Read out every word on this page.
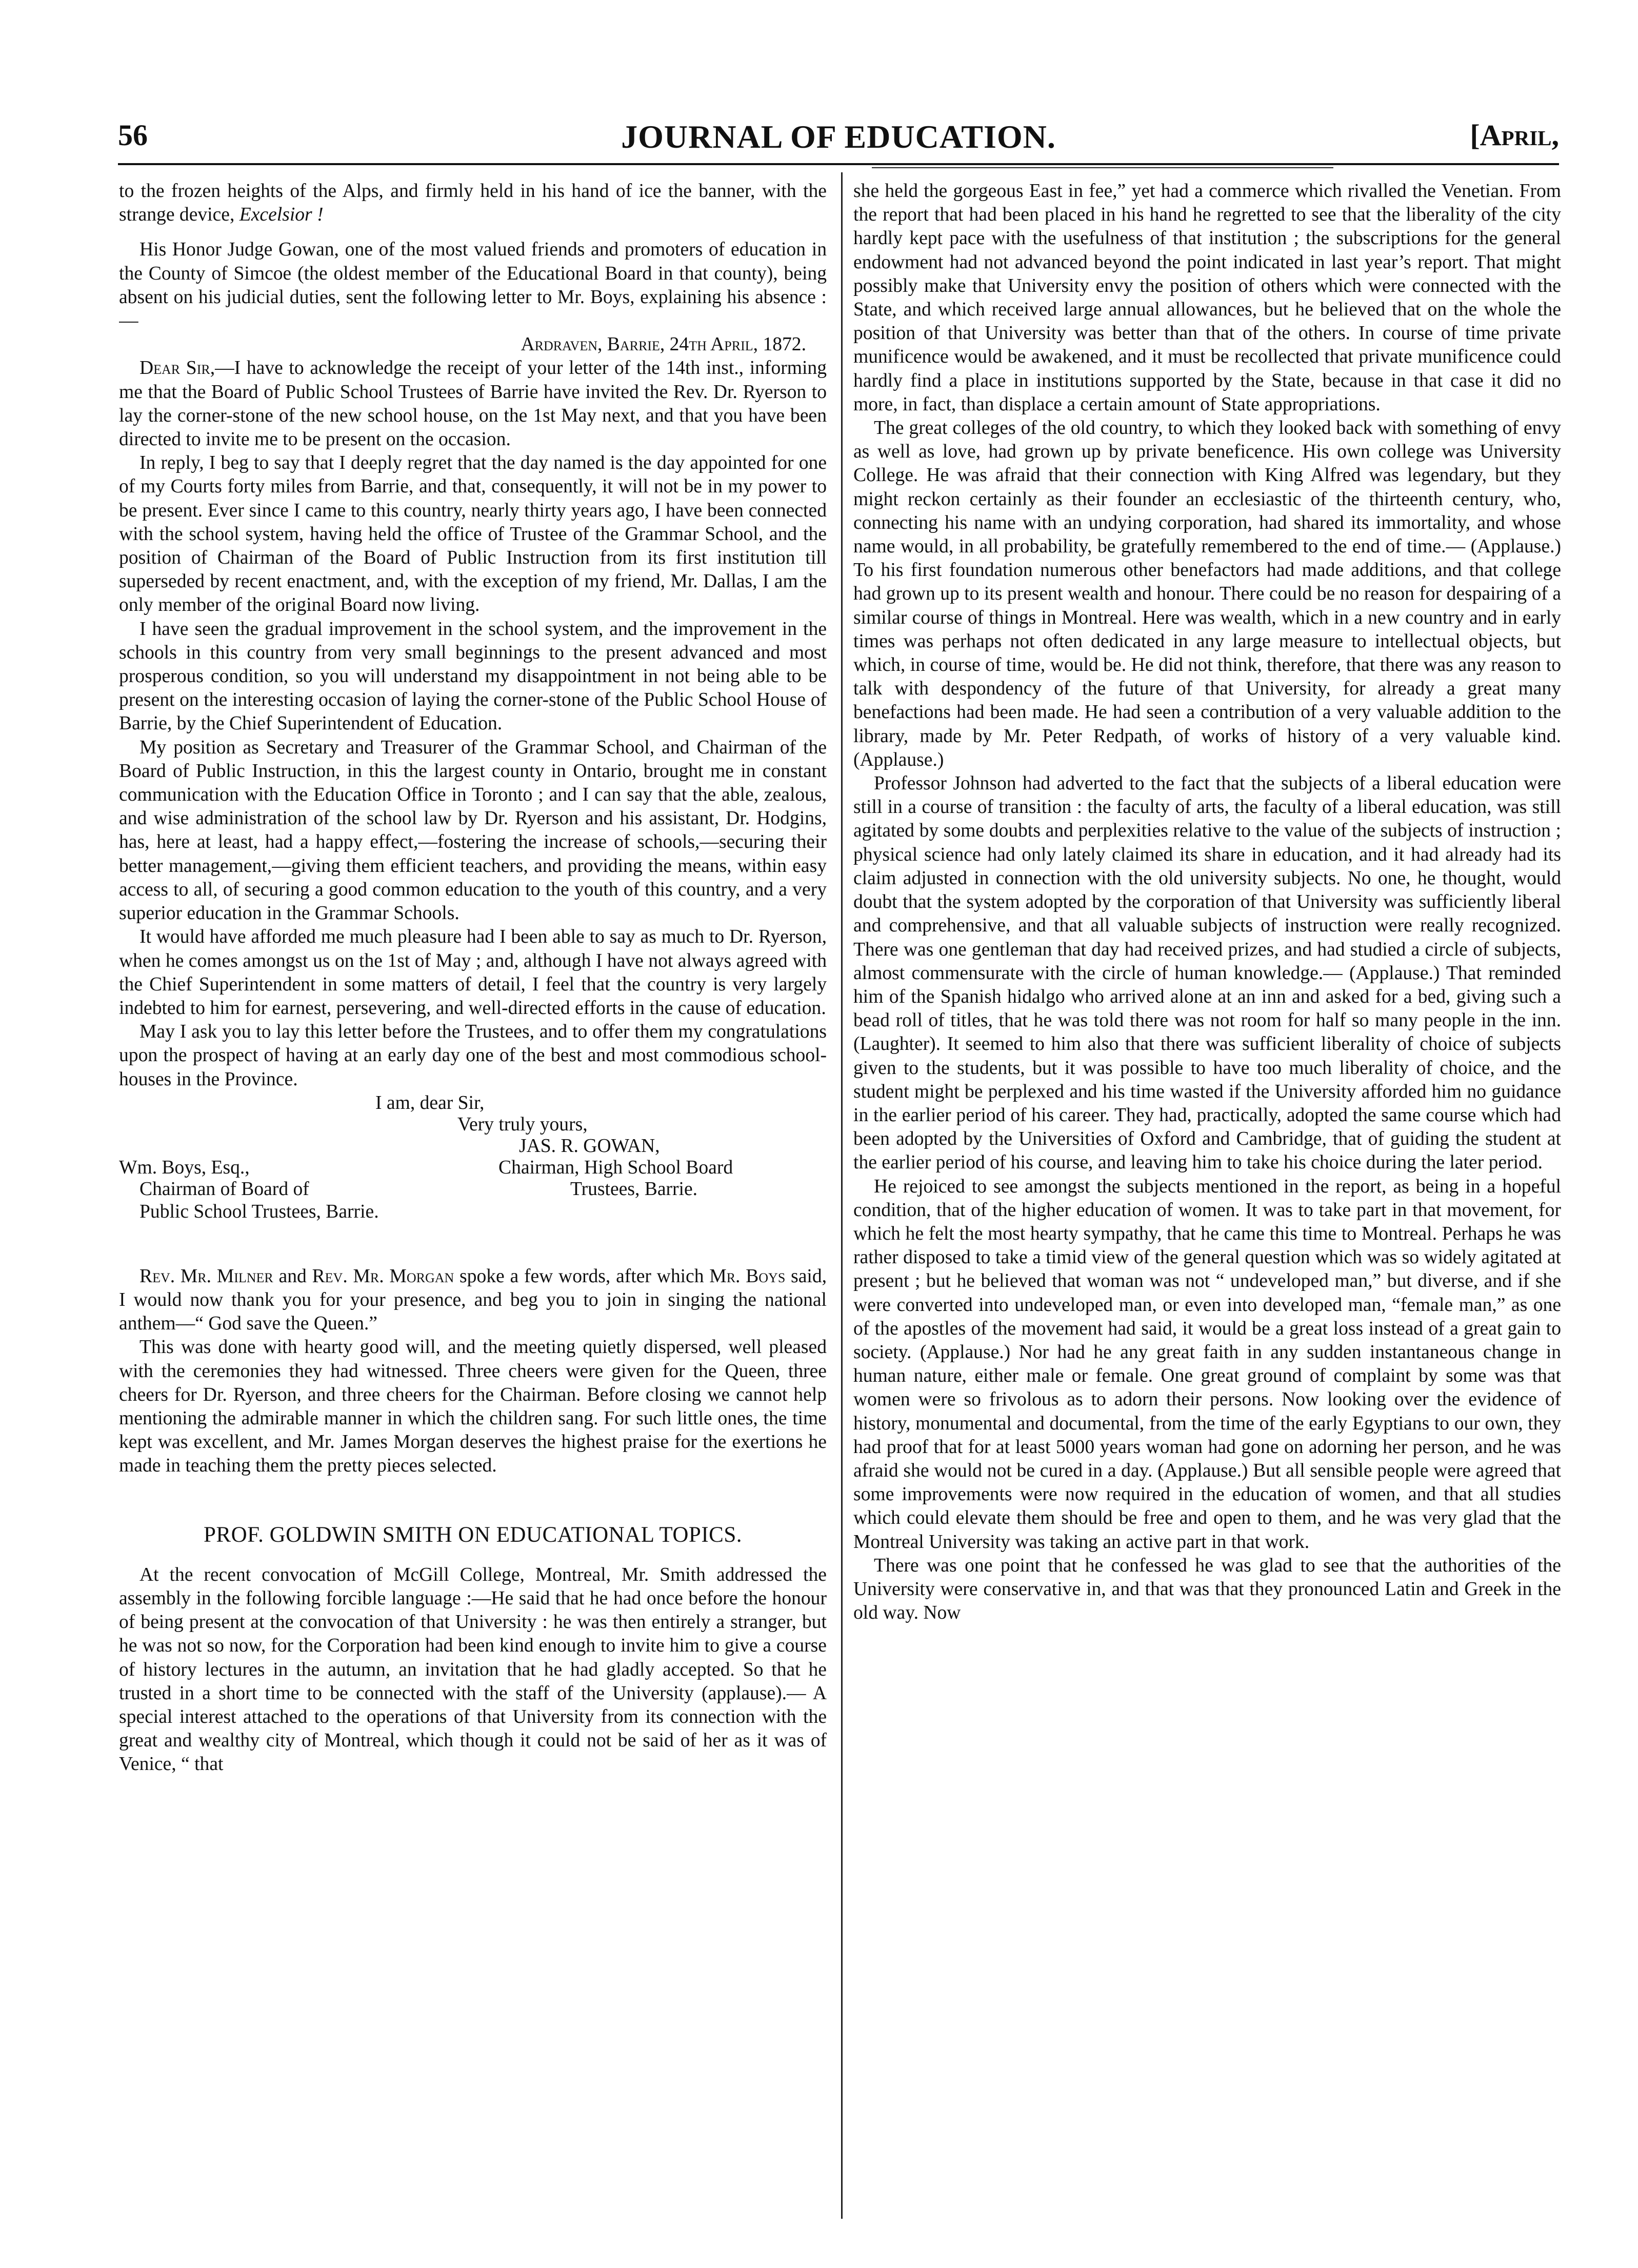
56	JOURNAL OF EDUCATION.	[April,

to the frozen heights of the Alps, and firmly held in his hand of ice the banner, with the strange device, Excelsior !

His Honor Judge Gowan, one of the most valued friends and promoters of education in the County of Simcoe (the oldest member of the Educational Board in that county), being absent on his judicial duties, sent the following letter to Mr. Boys, explaining his absence :—

Ardraven, Barrie, 24th April, 1872.

Dear Sir,—I have to acknowledge the receipt of your letter of the 14th inst., informing me that the Board of Public School Trustees of Barrie have invited the Rev. Dr. Ryerson to lay the corner-stone of the new school house, on the 1st May next, and that you have been directed to invite me to be present on the occasion.

In reply, I beg to say that I deeply regret that the day named is the day appointed for one of my Courts forty miles from Barrie, and that, consequently, it will not be in my power to be present. Ever since I came to this country, nearly thirty years ago, I have been connected with the school system, having held the office of Trustee of the Grammar School, and the position of Chairman of the Board of Public Instruction from its first institution till superseded by recent enactment, and, with the exception of my friend, Mr. Dallas, I am the only member of the original Board now living.

I have seen the gradual improvement in the school system, and the improvement in the schools in this country from very small beginnings to the present advanced and most prosperous condition, so you will understand my disappointment in not being able to be present on the interesting occasion of laying the corner-stone of the Public School House of Barrie, by the Chief Superintendent of Education.

My position as Secretary and Treasurer of the Grammar School, and Chairman of the Board of Public Instruction, in this the largest county in Ontario, brought me in constant communication with the Education Office in Toronto ; and I can say that the able, zealous, and wise administration of the school law by Dr. Ryerson and his assistant, Dr. Hodgins, has, here at least, had a happy effect,—fostering the increase of schools,—securing their better management,—giving them efficient teachers, and providing the means, within easy access to all, of securing a good common education to the youth of this country, and a very superior education in the Grammar Schools.

It would have afforded me much pleasure had I been able to say as much to Dr. Ryerson, when he comes amongst us on the 1st of May ; and, although I have not always agreed with the Chief Superintendent in some matters of detail, I feel that the country is very largely indebted to him for earnest, persevering, and well-directed efforts in the cause of education.

May I ask you to lay this letter before the Trustees, and to offer them my congratulations upon the prospect of having at an early day one of the best and most commodious school-houses in the Province.

I am, dear Sir,
Very truly yours,
JAS. R. GOWAN,
Wm. Boys, Esq.,	Chairman, High School Board
Chairman of Board of	Trustees, Barrie.
Public School Trustees, Barrie.

Rev. Mr. Milner and Rev. Mr. Morgan spoke a few words, after which Mr. Boys said, I would now thank you for your presence, and beg you to join in singing the national anthem—“ God save the Queen.”

This was done with hearty good will, and the meeting quietly dispersed, well pleased with the ceremonies they had witnessed. Three cheers were given for the Queen, three cheers for Dr. Ryerson, and three cheers for the Chairman. Before closing we cannot help mentioning the admirable manner in which the children sang. For such little ones, the time kept was excellent, and Mr. James Morgan deserves the highest praise for the exertions he made in teaching them the pretty pieces selected.

PROF. GOLDWIN SMITH ON EDUCATIONAL TOPICS.

At the recent convocation of McGill College, Montreal, Mr. Smith addressed the assembly in the following forcible language :—He said that he had once before the honour of being present at the convocation of that University : he was then entirely a stranger, but he was not so now, for the Corporation had been kind enough to invite him to give a course of history lectures in the autumn, an invitation that he had gladly accepted. So that he trusted in a short time to be connected with the staff of the University (applause).— A special interest attached to the operations of that University from its connection with the great and wealthy city of Montreal, which though it could not be said of her as it was of Venice, “ that

she held the gorgeous East in fee,” yet had a commerce which rivalled the Venetian. From the report that had been placed in his hand he regretted to see that the liberality of the city hardly kept pace with the usefulness of that institution ; the subscriptions for the general endowment had not advanced beyond the point indicated in last year’s report. That might possibly make that University envy the position of others which were connected with the State, and which received large annual allowances, but he believed that on the whole the position of that University was better than that of the others. In course of time private munificence would be awakened, and it must be recollected that private munificence could hardly find a place in institutions supported by the State, because in that case it did no more, in fact, than displace a certain amount of State appropriations.

The great colleges of the old country, to which they looked back with something of envy as well as love, had grown up by private beneficence. His own college was University College. He was afraid that their connection with King Alfred was legendary, but they might reckon certainly as their founder an ecclesiastic of the thirteenth century, who, connecting his name with an undying corporation, had shared its immortality, and whose name would, in all probability, be gratefully remembered to the end of time.— (Applause.) To his first foundation numerous other benefactors had made additions, and that college had grown up to its present wealth and honour. There could be no reason for despairing of a similar course of things in Montreal. Here was wealth, which in a new country and in early times was perhaps not often dedicated in any large measure to intellectual objects, but which, in course of time, would be. He did not think, therefore, that there was any reason to talk with despondency of the future of that University, for already a great many benefactions had been made. He had seen a contribution of a very valuable addition to the library, made by Mr. Peter Redpath, of works of history of a very valuable kind. (Applause.)

Professor Johnson had adverted to the fact that the subjects of a liberal education were still in a course of transition : the faculty of arts, the faculty of a liberal education, was still agitated by some doubts and perplexities relative to the value of the subjects of instruction ; physical science had only lately claimed its share in education, and it had already had its claim adjusted in connection with the old university subjects. No one, he thought, would doubt that the system adopted by the corporation of that University was sufficiently liberal and comprehensive, and that all valuable subjects of instruction were really recognized. There was one gentleman that day had received prizes, and had studied a circle of subjects, almost commensurate with the circle of human knowledge.— (Applause.) That reminded him of the Spanish hidalgo who arrived alone at an inn and asked for a bed, giving such a bead roll of titles, that he was told there was not room for half so many people in the inn. (Laughter). It seemed to him also that there was sufficient liberality of choice of subjects given to the students, but it was possible to have too much liberality of choice, and the student might be perplexed and his time wasted if the University afforded him no guidance in the earlier period of his career. They had, practically, adopted the same course which had been adopted by the Universities of Oxford and Cambridge, that of guiding the student at the earlier period of his course, and leaving him to take his choice during the later period.

He rejoiced to see amongst the subjects mentioned in the report, as being in a hopeful condition, that of the higher education of women. It was to take part in that movement, for which he felt the most hearty sympathy, that he came this time to Montreal. Perhaps he was rather disposed to take a timid view of the general question which was so widely agitated at present ; but he believed that woman was not “ undeveloped man,” but diverse, and if she were converted into undeveloped man, or even into developed man, “female man,” as one of the apostles of the movement had said, it would be a great loss instead of a great gain to society. (Applause.) Nor had he any great faith in any sudden instantaneous change in human nature, either male or female. One great ground of complaint by some was that women were so frivolous as to adorn their persons. Now looking over the evidence of history, monumental and documental, from the time of the early Egyptians to our own, they had proof that for at least 5000 years woman had gone on adorning her person, and he was afraid she would not be cured in a day. (Applause.) But all sensible people were agreed that some improvements were now required in the education of women, and that all studies which could elevate them should be free and open to them, and he was very glad that the Montreal University was taking an active part in that work.

There was one point that he confessed he was glad to see that the authorities of the University were conservative in, and that was that they pronounced Latin and Greek in the old way. Now
